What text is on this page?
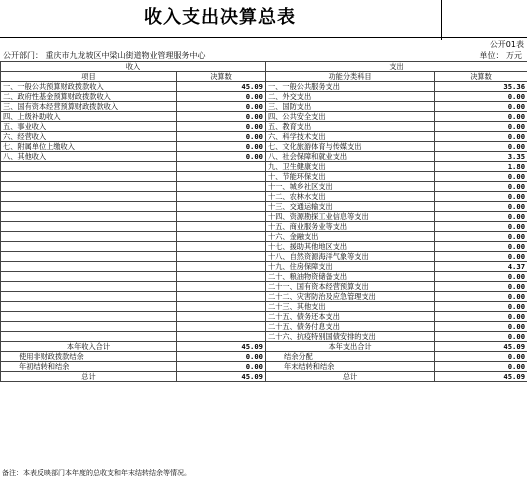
收入支出决算总表
公开01表
公开部门： 重庆市九龙坡区中梁山街道物业管理服务中心	单位： 万元
收入		支出	
项目	决算数	功能分类科目	决算数
一、一般公共预算财政拨款收入	45.09	一、一般公共服务支出	35.36
二、政府性基金预算财政拨款收入	0.00	二、外交支出	0.00
三、国有资本经营预算财政拨款收入	0.00	三、国防支出	0.00
四、上级补助收入	0.00	四、公共安全支出	0.00
五、事业收入	0.00	五、教育支出	0.00
六、经营收入	0.00	六、科学技术支出	0.00
七、附属单位上缴收入	0.00	七、文化旅游体育与传媒支出	0.00
八、其他收入	0.00	八、社会保障和就业支出	3.35
		九、卫生健康支出	1.80
		十、节能环保支出	0.00
		十一、城乡社区支出	0.00
		十二、农林水支出	0.00
		十三、交通运输支出	0.00
		十四、资源勘探工业信息等支出	0.00
		十五、商业服务业等支出	0.00
		十六、金融支出	0.00
		十七、援助其他地区支出	0.00
		十八、自然资源海洋气象等支出	0.00
		十九、住房保障支出	4.37
		二十、粮油物资储备支出	0.00
		二十一、国有资本经营预算支出	0.00
		二十二、灾害防治及应急管理支出	0.00
		二十三、其他支出	0.00
		二十五、债务还本支出	0.00
		二十五、债务付息支出	0.00
		二十六、抗疫特别国债安排的支出	0.00
本年收入合计	45.09	本年支出合计	45.09
使用非财政拨款结余	0.00	结余分配	0.00
年初结转和结余	0.00	年末结转和结余	0.00
总计	45.09	总计	45.09
备注：本表反映部门本年度的总收支和年末结转结余等情况。
